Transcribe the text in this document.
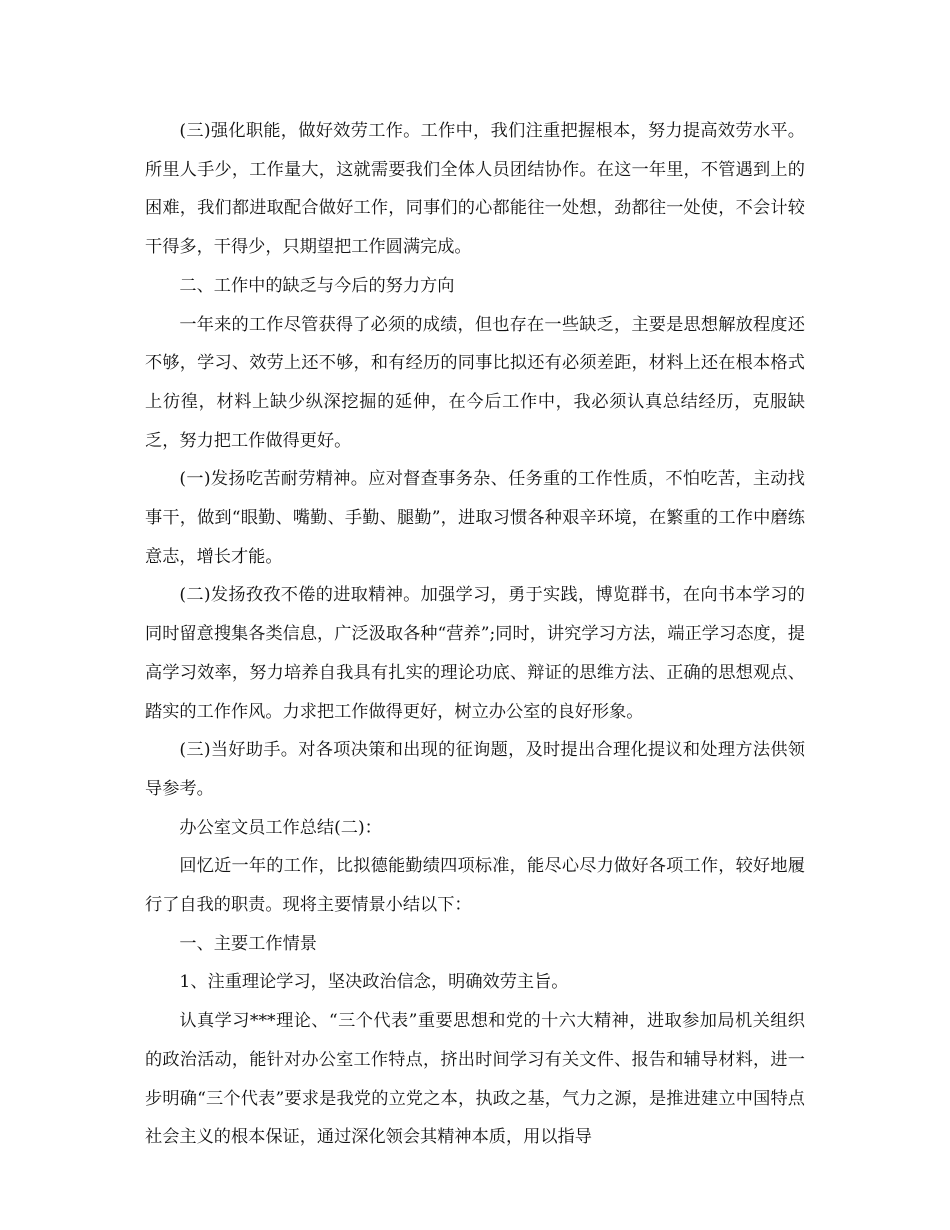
(三)强化职能，做好效劳工作。工作中，我们注重把握根本，努力提高效劳水平。所里人手少，工作量大，这就需要我们全体人员团结协作。在这一年里，不管遇到上的困难，我们都进取配合做好工作，同事们的心都能往一处想，劲都往一处使，不会计较干得多，干得少，只期望把工作圆满完成。

二、工作中的缺乏与今后的努力方向

一年来的工作尽管获得了必须的成绩，但也存在一些缺乏，主要是思想解放程度还不够，学习、效劳上还不够，和有经历的同事比拟还有必须差距，材料上还在根本格式上彷徨，材料上缺少纵深挖掘的延伸，在今后工作中，我必须认真总结经历，克服缺乏，努力把工作做得更好。

(一)发扬吃苦耐劳精神。应对督查事务杂、任务重的工作性质，不怕吃苦，主动找事干，做到“眼勤、嘴勤、手勤、腿勤”，进取习惯各种艰辛环境，在繁重的工作中磨练意志，增长才能。

(二)发扬孜孜不倦的进取精神。加强学习，勇于实践，博览群书，在向书本学习的同时留意搜集各类信息，广泛汲取各种“营养”;同时，讲究学习方法，端正学习态度，提高学习效率，努力培养自我具有扎实的理论功底、辩证的思维方法、正确的思想观点、踏实的工作作风。力求把工作做得更好，树立办公室的良好形象。

(三)当好助手。对各项决策和出现的征询题，及时提出合理化提议和处理方法供领导参考。

办公室文员工作总结(二)：

回忆近一年的工作，比拟德能勤绩四项标准，能尽心尽力做好各项工作，较好地履行了自我的职责。现将主要情景小结以下：

一、主要工作情景

1、注重理论学习，坚决政治信念，明确效劳主旨。

认真学习***理论、“三个代表”重要思想和党的十六大精神，进取参加局机关组织的政治活动，能针对办公室工作特点，挤出时间学习有关文件、报告和辅导材料，进一步明确“三个代表”要求是我党的立党之本，执政之基，气力之源，是推进建立中国特点社会主义的根本保证，通过深化领会其精神本质，用以指导
